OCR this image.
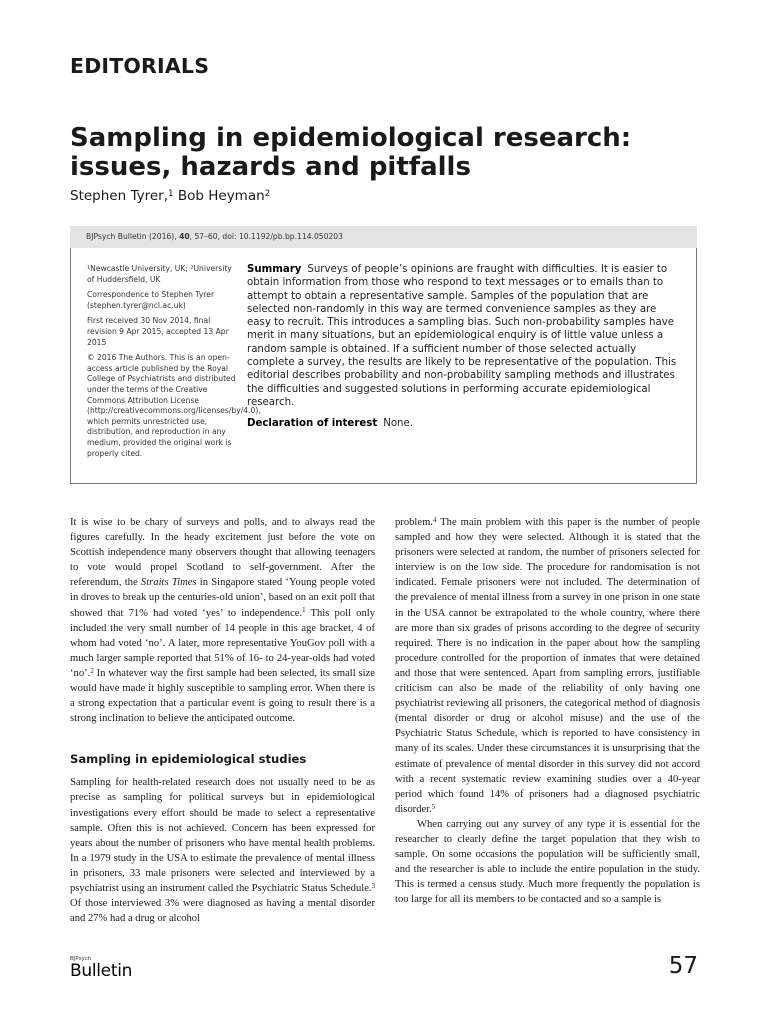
EDITORIALS
Sampling in epidemiological research: issues, hazards and pitfalls
Stephen Tyrer,$^1$ Bob Heyman$^2$
BJPsych Bulletin (2016), 40, 57–60, doi: 10.1192/pb.bp.114.050203

$^1$Newcastle University, UK; $^2$University of Huddersfield, UK

Correspondence to Stephen Tyrer (stephen.tyrer@ncl.ac.uk)

First received 30 Nov 2014, final revision 9 Apr 2015, accepted 13 Apr 2015

© 2016 The Authors. This is an open-access article published by the Royal College of Psychiatrists and distributed under the terms of the Creative Commons Attribution License (http://creativecommons.org/licenses/by/4.0), which permits unrestricted use, distribution, and reproduction in any medium, provided the original work is properly cited.

Summary Surveys of people’s opinions are fraught with difficulties. It is easier to obtain information from those who respond to text messages or to emails than to attempt to obtain a representative sample. Samples of the population that are selected non-randomly in this way are termed convenience samples as they are easy to recruit. This introduces a sampling bias. Such non-probability samples have merit in many situations, but an epidemiological enquiry is of little value unless a random sample is obtained. If a sufficient number of those selected actually complete a survey, the results are likely to be representative of the population. This editorial describes probability and non-probability sampling methods and illustrates the difficulties and suggested solutions in performing accurate epidemiological research.

Declaration of interest None.

It is wise to be chary of surveys and polls, and to always read the figures carefully. In the heady excitement just before the vote on Scottish independence many observers thought that allowing teenagers to vote would propel Scotland to self-government. After the referendum, the Straits Times in Singapore stated ‘Young people voted in droves to break up the centuries-old union’, based on an exit poll that showed that 71% had voted ‘yes’ to independence.$^1$ This poll only included the very small number of 14 people in this age bracket, 4 of whom had voted ‘no’. A later, more representative YouGov poll with a much larger sample reported that 51% of 16- to 24-year-olds had voted ‘no’.$^2$ In whatever way the first sample had been selected, its small size would have made it highly susceptible to sampling error. When there is a strong expectation that a particular event is going to result there is a strong inclination to believe the anticipated outcome.

Sampling in epidemiological studies

Sampling for health-related research does not usually need to be as precise as sampling for political surveys but in epidemiological investigations every effort should be made to select a representative sample. Often this is not achieved. Concern has been expressed for years about the number of prisoners who have mental health problems. In a 1979 study in the USA to estimate the prevalence of mental illness in prisoners, 33 male prisoners were selected and interviewed by a psychiatrist using an instrument called the Psychiatric Status Schedule.$^3$ Of those interviewed 3% were diagnosed as having a mental disorder and 27% had a drug or alcohol

problem.$^4$ The main problem with this paper is the number of people sampled and how they were selected. Although it is stated that the prisoners were selected at random, the number of prisoners selected for interview is on the low side. The procedure for randomisation is not indicated. Female prisoners were not included. The determination of the prevalence of mental illness from a survey in one prison in one state in the USA cannot be extrapolated to the whole country, where there are more than six grades of prisons according to the degree of security required. There is no indication in the paper about how the sampling procedure controlled for the proportion of inmates that were detained and those that were sentenced. Apart from sampling errors, justifiable criticism can also be made of the reliability of only having one psychiatrist reviewing all prisoners, the categorical method of diagnosis (mental disorder or drug or alcohol misuse) and the use of the Psychiatric Status Schedule, which is reported to have consistency in many of its scales. Under these circumstances it is unsurprising that the estimate of prevalence of mental disorder in this survey did not accord with a recent systematic review examining studies over a 40-year period which found 14% of prisoners had a diagnosed psychiatric disorder.$^5$

When carrying out any survey of any type it is essential for the researcher to clearly define the target population that they wish to sample. On some occasions the population will be sufficiently small, and the researcher is able to include the entire population in the study. This is termed a census study. Much more frequently the population is too large for all its members to be contacted and so a sample is

BJPsych
Bulletin	57
